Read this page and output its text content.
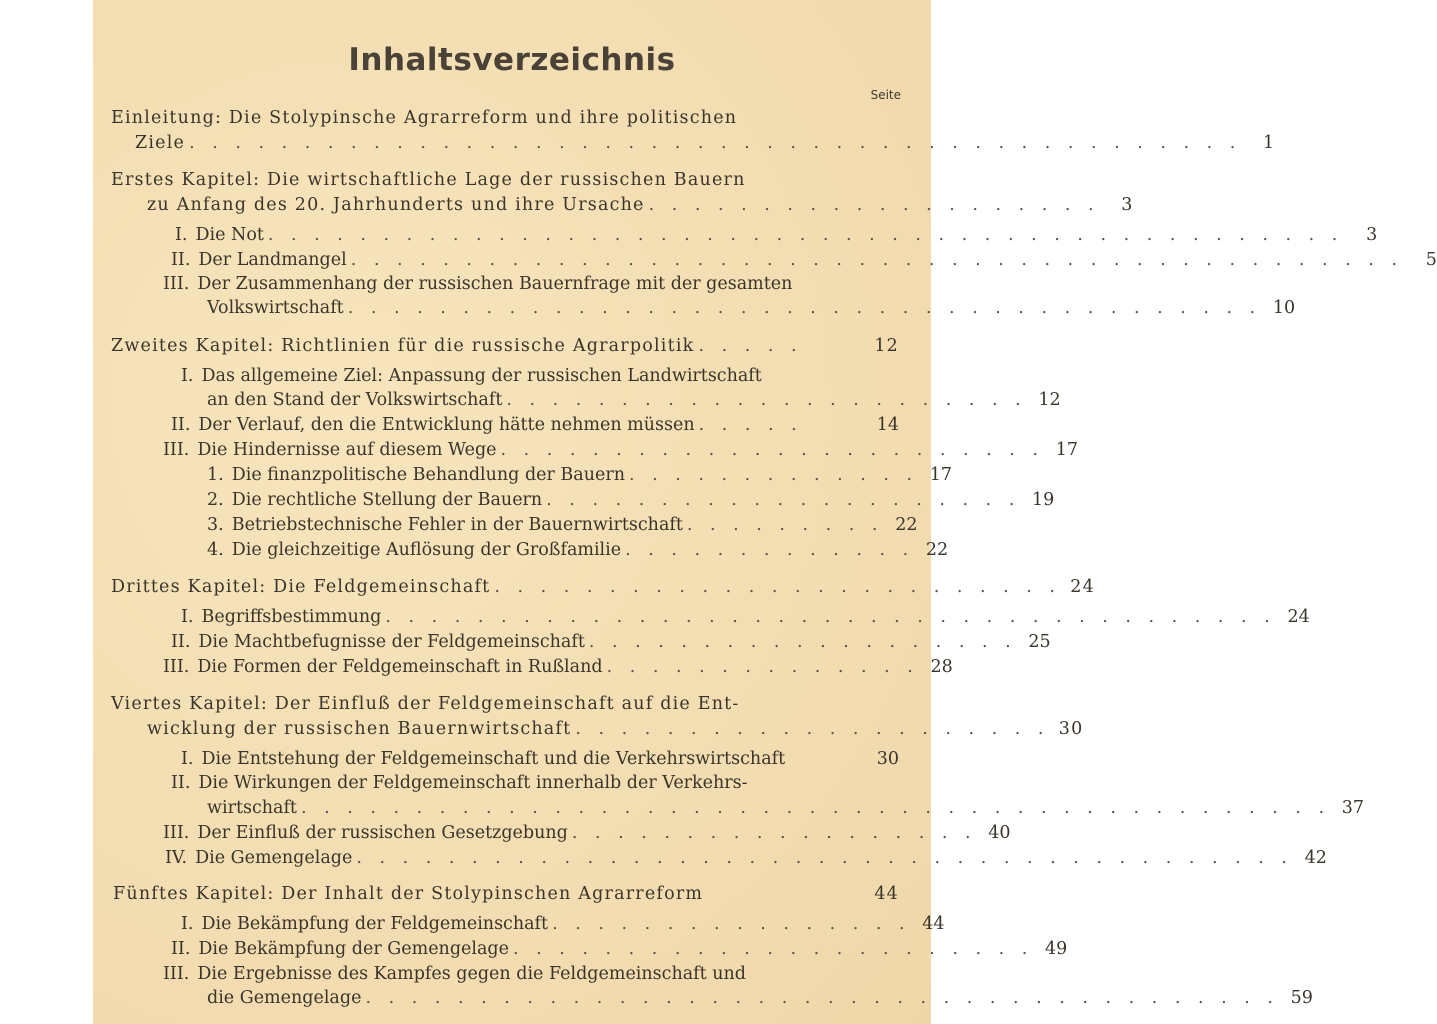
Inhaltsverzeichnis
Seite
Einleitung: Die Stolypinsche Agrarreform und ihre politischen
Ziele . . . . . . . . . . . . . . . . . . . . . . . . . . . . . . . . . . . . . . . . . . . . . .	1
Erstes Kapitel: Die wirtschaftliche Lage der russischen Bauern
zu Anfang des 20. Jahrhunderts und ihre Ursache . . . . . . . . . . . . . . . . . . . .	3
I. Die Not . . . . . . . . . . . . . . . . . . . . . . . . . . . . . . . . . . . . . . . . . . . . . . .	3
II. Der Landmangel . . . . . . . . . . . . . . . . . . . . . . . . . . . . . . . . . . . . . . . . . . . . . .	5
III. Der Zusammenhang der russischen Bauernfrage mit der gesamten
Volkswirtschaft . . . . . . . . . . . . . . . . . . . . . . . . . . . . . . . . . . . . . . . . 10
Zweites Kapitel: Richtlinien für die russische Agrarpolitik . . . . .	12
I. Das allgemeine Ziel: Anpassung der russischen Landwirtschaft
an den Stand der Volkswirtschaft . . . . . . . . . . . . . . . . . . . . . . . 12
II. Der Verlauf, den die Entwicklung hätte nehmen müssen . . . . .	14
III. Die Hindernisse auf diesem Wege . . . . . . . . . . . . . . . . . . . . . . . . 17
1. Die finanzpolitische Behandlung der Bauern . . . . . . . . . . . . . 17
2. Die rechtliche Stellung der Bauern . . . . . . . . . . . . . . . . . . . . . 19
3. Betriebstechnische Fehler in der Bauernwirtschaft . . . . . . . . . 22
4. Die gleichzeitige Auflösung der Großfamilie . . . . . . . . . . . . . 22
Drittes Kapitel: Die Feldgemeinschaft . . . . . . . . . . . . . . . . . . . . . . . . . 24
I. Begriffsbestimmung . . . . . . . . . . . . . . . . . . . . . . . . . . . . . . . . . . . . . . . 24
II. Die Machtbefugnisse der Feldgemeinschaft . . . . . . . . . . . . . . . . . . . 25
III. Die Formen der Feldgemeinschaft in Rußland . . . . . . . . . . . . . . 28
Viertes Kapitel: Der Einfluß der Feldgemeinschaft auf die Ent-
wicklung der russischen Bauernwirtschaft . . . . . . . . . . . . . . . . . . . . . 30
I. Die Entstehung der Feldgemeinschaft und die Verkehrswirtschaft	30
II. Die Wirkungen der Feldgemeinschaft innerhalb der Verkehrs-
wirtschaft . . . . . . . . . . . . . . . . . . . . . . . . . . . . . . . . . . . . . . . . . . . . . 37
III. Der Einfluß der russischen Gesetzgebung . . . . . . . . . . . . . . . . . . 40
IV. Die Gemengelage . . . . . . . . . . . . . . . . . . . . . . . . . . . . . . . . . . . . . . . . . 42
Fünftes Kapitel: Der Inhalt der Stolypinschen Agrarreform	44
I. Die Bekämpfung der Feldgemeinschaft . . . . . . . . . . . . . . . . 44
II. Die Bekämpfung der Gemengelage . . . . . . . . . . . . . . . . . . . . . . . 49
III. Die Ergebnisse des Kampfes gegen die Feldgemeinschaft und
die Gemengelage . . . . . . . . . . . . . . . . . . . . . . . . . . . . . . . . . . . . . . . . 59
